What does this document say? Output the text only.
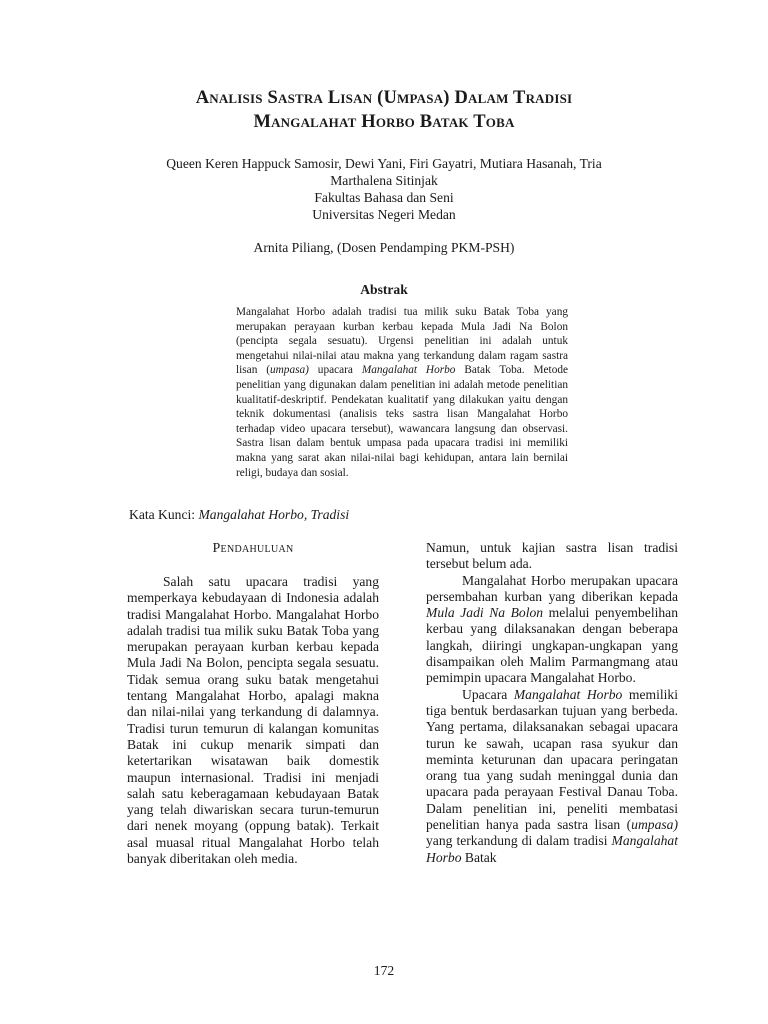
Analisis Sastra Lisan (Umpasa) Dalam Tradisi
Mangalahat Horbo Batak Toba
Queen Keren Happuck Samosir, Dewi Yani, Firi Gayatri, Mutiara Hasanah, Tria
Marthalena Sitinjak
Fakultas Bahasa dan Seni
Universitas Negeri Medan
Arnita Piliang, (Dosen Pendamping PKM-PSH)
Abstrak

Mangalahat Horbo adalah tradisi tua milik suku Batak Toba yang merupakan perayaan kurban kerbau kepada Mula Jadi Na Bolon (pencipta segala sesuatu). Urgensi penelitian ini adalah untuk mengetahui nilai-nilai atau makna yang terkandung dalam ragam sastra lisan (umpasa) upacara Mangalahat Horbo Batak Toba. Metode penelitian yang digunakan dalam penelitian ini adalah metode penelitian kualitatif-deskriptif. Pendekatan kualitatif yang dilakukan yaitu dengan teknik dokumentasi (analisis teks sastra lisan Mangalahat Horbo terhadap video upacara tersebut), wawancara langsung dan observasi. Sastra lisan dalam bentuk umpasa pada upacara tradisi ini memiliki makna yang sarat akan nilai-nilai bagi kehidupan, antara lain bernilai religi, budaya dan sosial.

Kata Kunci: Mangalahat Horbo, Tradisi
Pendahuluan

Salah satu upacara tradisi yang memperkaya kebudayaan di Indonesia adalah tradisi Mangalahat Horbo. Mangalahat Horbo adalah tradisi tua milik suku Batak Toba yang merupakan perayaan kurban kerbau kepada Mula Jadi Na Bolon, pencipta segala sesuatu. Tidak semua orang suku batak mengetahui tentang Mangalahat Horbo, apalagi makna dan nilai-nilai yang terkandung di dalamnya. Tradisi turun temurun di kalangan komunitas Batak ini cukup menarik simpati dan ketertarikan wisatawan baik domestik maupun internasional. Tradisi ini menjadi salah satu keberagamaan kebudayaan Batak yang telah diwariskan secara turun-temurun dari nenek moyang (oppung batak). Terkait asal muasal ritual Mangalahat Horbo telah banyak diberitakan oleh media.

Namun, untuk kajian sastra lisan tradisi tersebut belum ada.

Mangalahat Horbo merupakan upacara persembahan kurban yang diberikan kepada Mula Jadi Na Bolon melalui penyembelihan kerbau yang dilaksanakan dengan beberapa langkah, diiringi ungkapan-ungkapan yang disampaikan oleh Malim Parmangmang atau pemimpin upacara Mangalahat Horbo.

Upacara Mangalahat Horbo memiliki tiga bentuk berdasarkan tujuan yang berbeda. Yang pertama, dilaksanakan sebagai upacara turun ke sawah, ucapan rasa syukur dan meminta keturunan dan upacara peringatan orang tua yang sudah meninggal dunia dan upacara pada perayaan Festival Danau Toba. Dalam penelitian ini, peneliti membatasi penelitian hanya pada sastra lisan (umpasa) yang terkandung di dalam tradisi Mangalahat Horbo Batak

172
